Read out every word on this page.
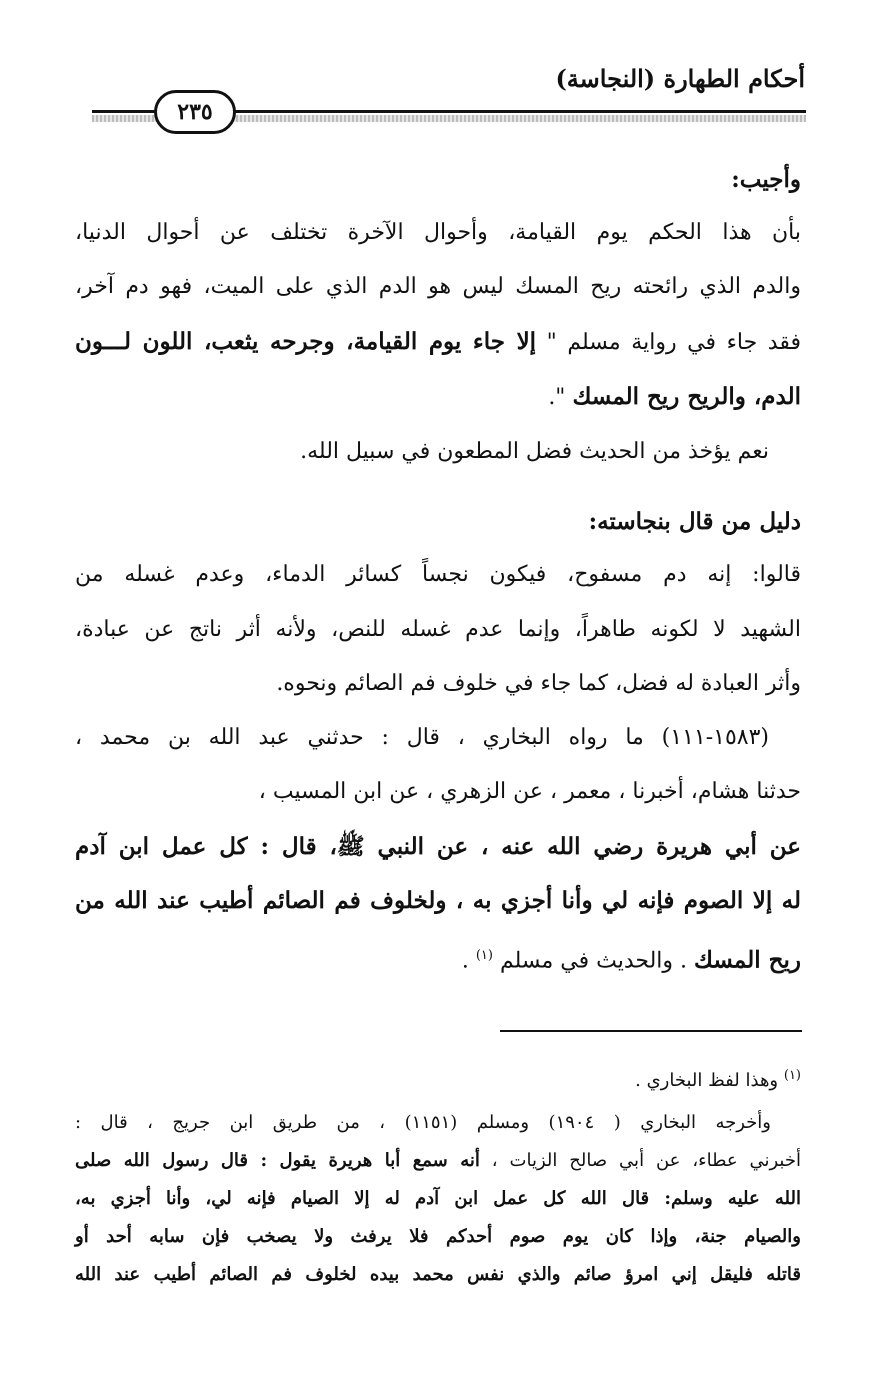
أحكام الطهارة (النجاسة)
٢٣٥
وأجيب:
بأن هذا الحكم يوم القيامة، وأحوال الآخرة تختلف عن أحوال الدنيا،
والدم الذي رائحته ريح المسك ليس هو الدم الذي على الميت، فهو دم آخر،
فقد جاء في رواية مسلم " إلا جاء يوم القيامة، وجرحه يثعب، اللون لـــون
الدم، والريح ريح المسك ".
نعم يؤخذ من الحديث فضل المطعون في سبيل الله.
دليل من قال بنجاسته:
قالوا: إنه دم مسفوح، فيكون نجساً كسائر الدماء، وعدم غسله من
الشهيد لا لكونه طاهراً، وإنما عدم غسله للنص، ولأنه أثر ناتج عن عبادة،
وأثر العبادة له فضل، كما جاء في خلوف فم الصائم ونحوه.
(١٥٨٣-١١١) ما رواه البخاري ، قال : حدثني عبد الله بن محمد ،
حدثنا هشام، أخبرنا ، معمر ، عن الزهري ، عن ابن المسيب ،
عن أبي هريرة رضي الله عنه ، عن النبي ﷺ، قال : كل عمل ابن آدم
له إلا الصوم فإنه لي وأنا أجزي به ، ولخلوف فم الصائم أطيب عند الله من
ريح المسك . والحديث في مسلم $^{(١)}$ .
$^{(١)}$ وهذا لفظ البخاري .
وأخرجه البخاري ( ١٩٠٤) ومسلم (١١٥١) ، من طريق ابن جريج ، قال :
أخبرني عطاء، عن أبي صالح الزيات ، أنه سمع أبا هريرة يقول : قال رسول الله صلى
الله عليه وسلم: قال الله كل عمل ابن آدم له إلا الصيام فإنه لي، وأنا أجزي به،
والصيام جنة، وإذا كان يوم صوم أحدكم فلا يرفث ولا يصخب فإن سابه أحد أو
قاتله فليقل إني امرؤ صائم والذي نفس محمد بيده لخلوف فم الصائم أطيب عند الله
